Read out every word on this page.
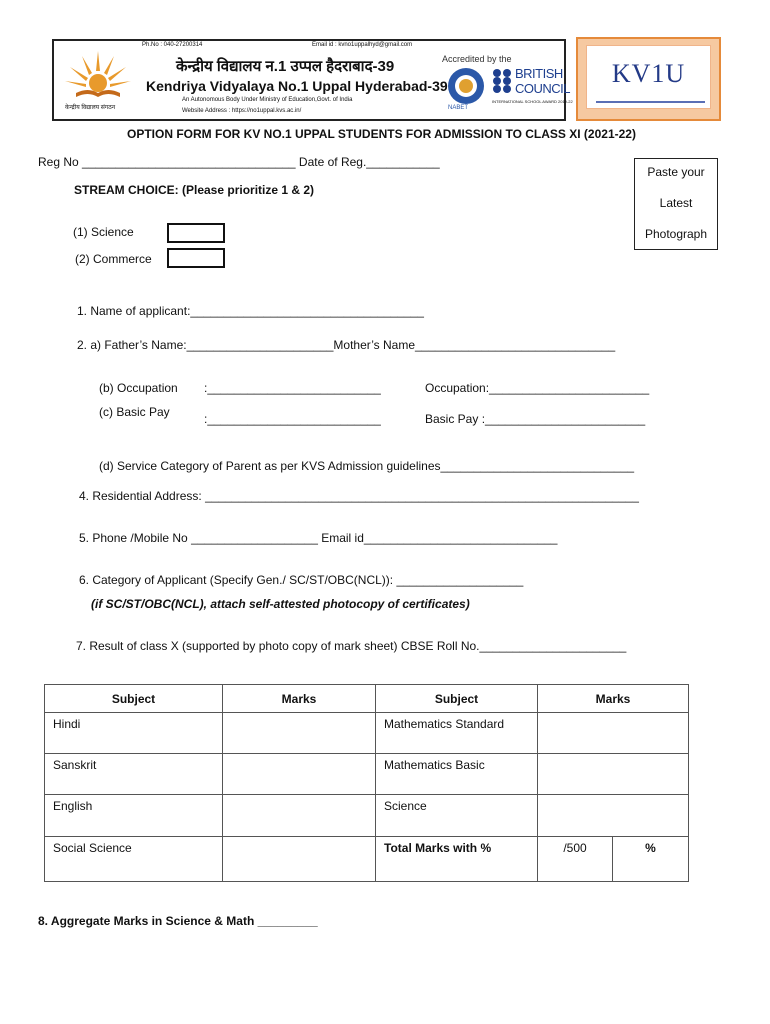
केन्द्रीय विद्यालय संगठन
Ph.No : 040-27200314	Email id : kvno1uppalhyd@gmail.com
केन्द्रीय विद्यालय न.1 उप्पल हैदराबाद-39
Kendriya Vidyalaya No.1 Uppal Hyderabad-39
An Autonomous Body Under Ministry of Education,Govt. of India
Website Address : https://no1uppal.kvs.ac.in/
Accredited by the
NABET
BRITISH
COUNCIL
INTERNATIONAL SCHOOL AWARD 2019-22
KV1U
OPTION FORM FOR KV NO.1 UPPAL STUDENTS FOR ADMISSION TO CLASS XI (2021-22)
Reg No ________________________________ Date of Reg.___________
Paste your
Latest
Photograph
STREAM CHOICE: (Please prioritize 1 & 2)
(1) Science
(2) Commerce
1. Name of applicant:___________________________________
2. a) Father’s Name:______________________Mother’s Name______________________________
(b) Occupation :__________________________	Occupation:________________________
(c) Basic Pay	:__________________________	Basic Pay :________________________
(d) Service Category of Parent as per KVS Admission guidelines_____________________________
4. Residential Address: _________________________________________________________________
5. Phone /Mobile No ___________________ Email id_____________________________
6. Category of Applicant (Specify Gen./ SC/ST/OBC(NCL)): ___________________
(if SC/ST/OBC(NCL), attach self-attested photocopy of certificates)
7. Result of class X (supported by photo copy of mark sheet) CBSE Roll No.______________________
Subject	Marks	Subject	Marks	

Hindi		Mathematics Standard		

Sanskrit		Mathematics Basic		

English		Science		

Social Science		Total Marks with %	/500	%
8. Aggregate Marks in Science & Math _________
